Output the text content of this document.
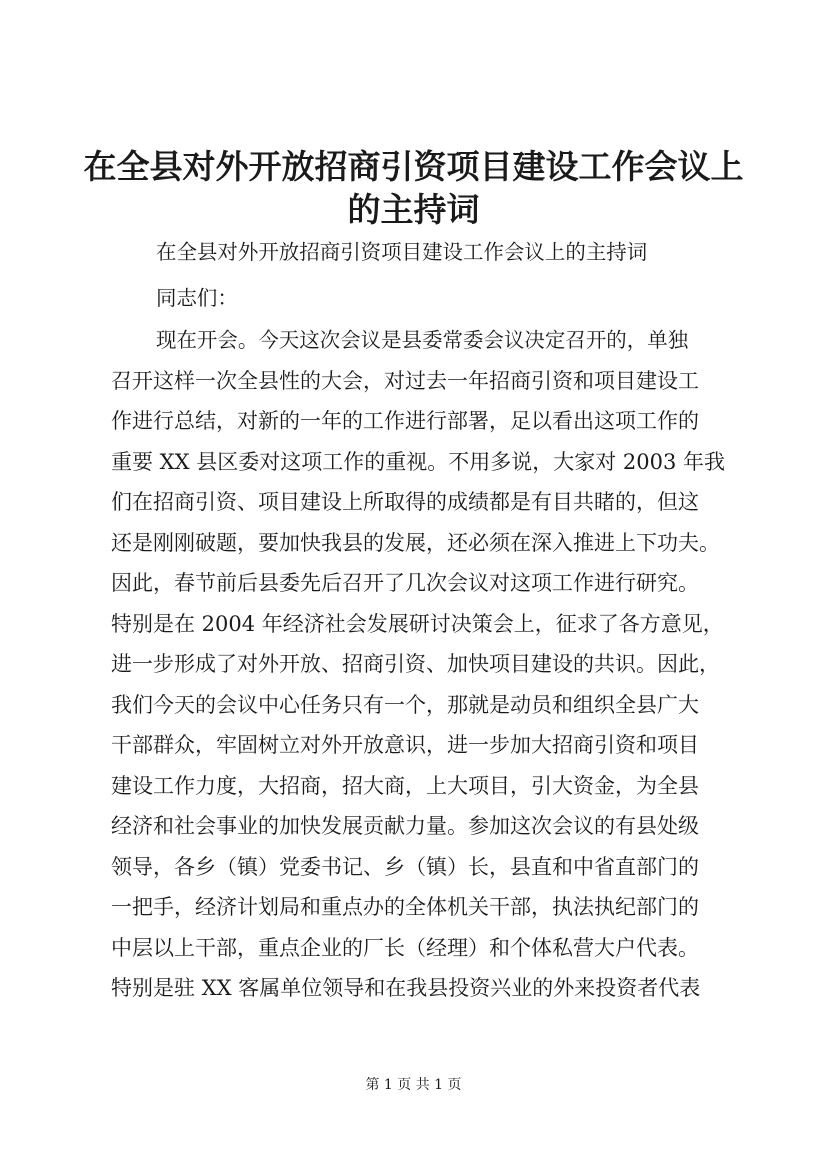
在全县对外开放招商引资项目建设工作会议上
的主持词
在全县对外开放招商引资项目建设工作会议上的主持词
同志们：
现在开会。今天这次会议是县委常委会议决定召开的，单独
召开这样一次全县性的大会，对过去一年招商引资和项目建设工
作进行总结，对新的一年的工作进行部署，足以看出这项工作的
重要 XX 县区委对这项工作的重视。不用多说，大家对 2003 年我
们在招商引资、项目建设上所取得的成绩都是有目共睹的，但这
还是刚刚破题，要加快我县的发展，还必须在深入推进上下功夫。
因此，春节前后县委先后召开了几次会议对这项工作进行研究。
特别是在 2004 年经济社会发展研讨决策会上，征求了各方意见，
进一步形成了对外开放、招商引资、加快项目建设的共识。因此，
我们今天的会议中心任务只有一个，那就是动员和组织全县广大
干部群众，牢固树立对外开放意识，进一步加大招商引资和项目
建设工作力度，大招商，招大商，上大项目，引大资金，为全县
经济和社会事业的加快发展贡献力量。参加这次会议的有县处级
领导，各乡（镇）党委书记、乡（镇）长，县直和中省直部门的
一把手，经济计划局和重点办的全体机关干部，执法执纪部门的
中层以上干部，重点企业的厂长（经理）和个体私营大户代表。
特别是驻 XX 客属单位领导和在我县投资兴业的外来投资者代表
第 1 页 共 1 页
